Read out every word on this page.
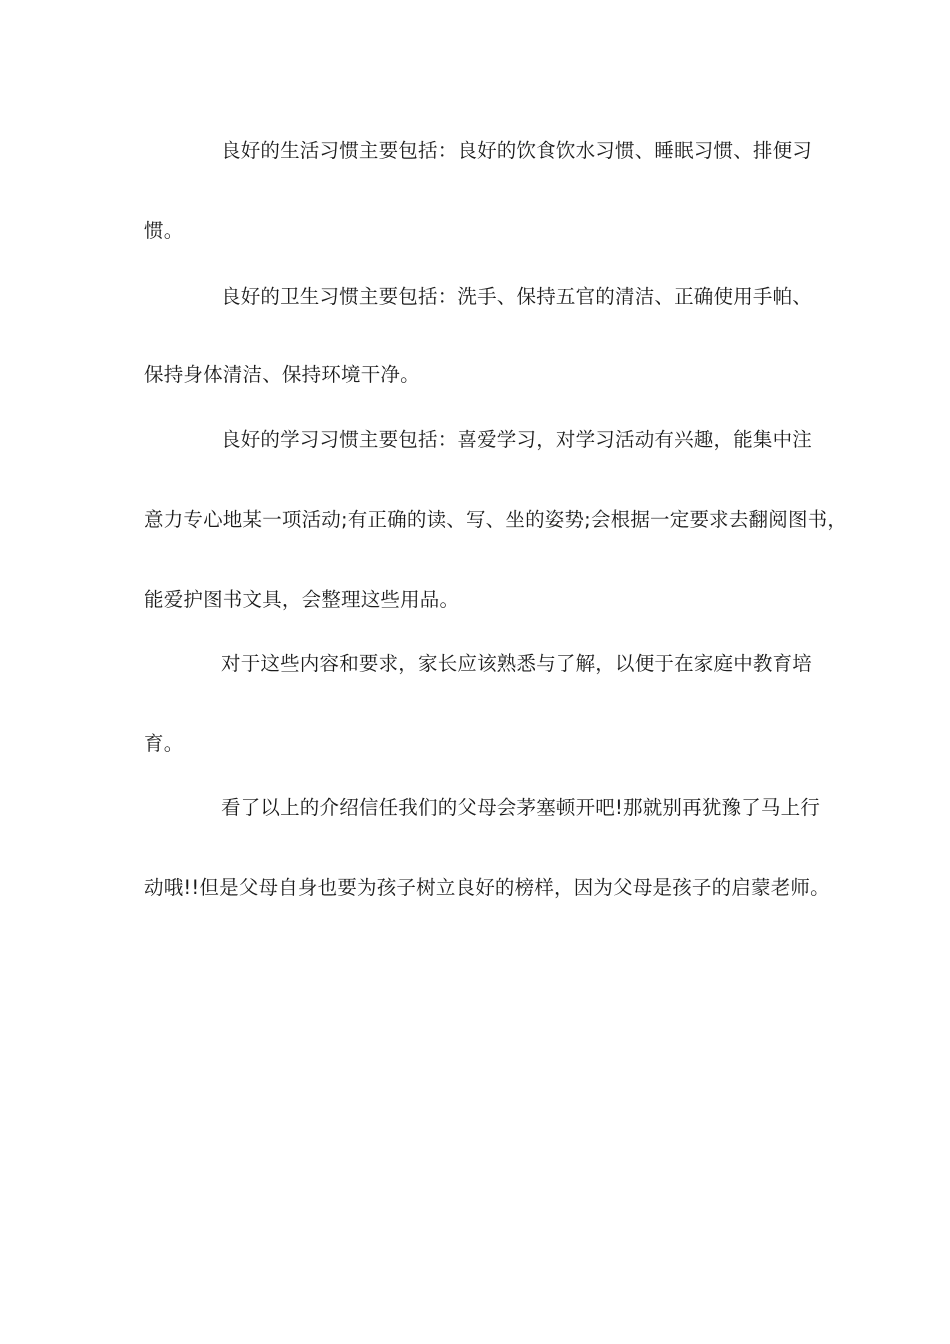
良好的生活习惯主要包括：良好的饮食饮水习惯、睡眠习惯、排便习
惯。
良好的卫生习惯主要包括：洗手、保持五官的清洁、正确使用手帕、
保持身体清洁、保持环境干净。
良好的学习习惯主要包括：喜爱学习，对学习活动有兴趣，能集中注
意力专心地某一项活动;有正确的读、写、坐的姿势;会根据一定要求去翻阅图书，
能爱护图书文具，会整理这些用品。
对于这些内容和要求，家长应该熟悉与了解，以便于在家庭中教育培
育。
看了以上的介绍信任我们的父母会茅塞顿开吧!那就别再犹豫了马上行
动哦!!但是父母自身也要为孩子树立良好的榜样，因为父母是孩子的启蒙老师。
